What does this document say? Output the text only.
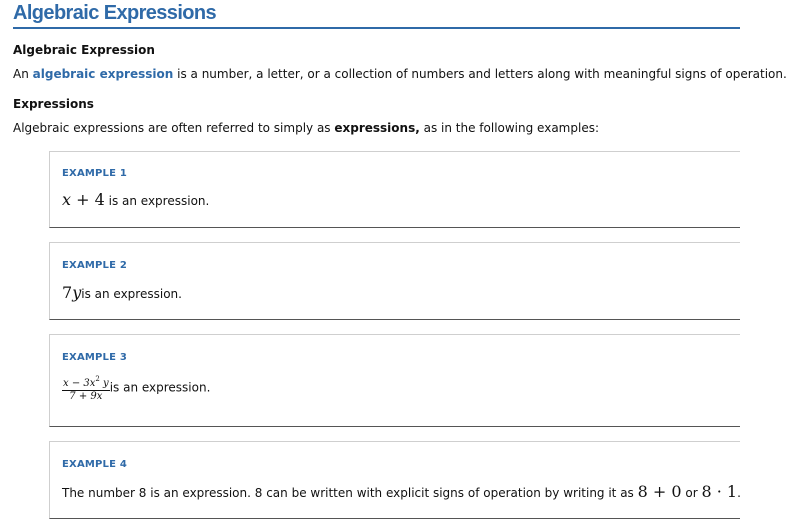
Algebraic Expressions
Algebraic Expression

An algebraic expression is a number, a letter, or a collection of numbers and letters along with meaningful signs of operation.

Expressions

Algebraic expressions are often referred to simply as expressions, as in the following examples:

EXAMPLE 1
x + 4 is an expression.
EXAMPLE 2
7yis an expression.
EXAMPLE 3
$\frac{x - 3x^2 y}{7 + 9x}$ is an expression.
EXAMPLE 4
The number 8 is an expression. 8 can be written with explicit signs of operation by writing it as 8 + 0 or 8 · 1.
